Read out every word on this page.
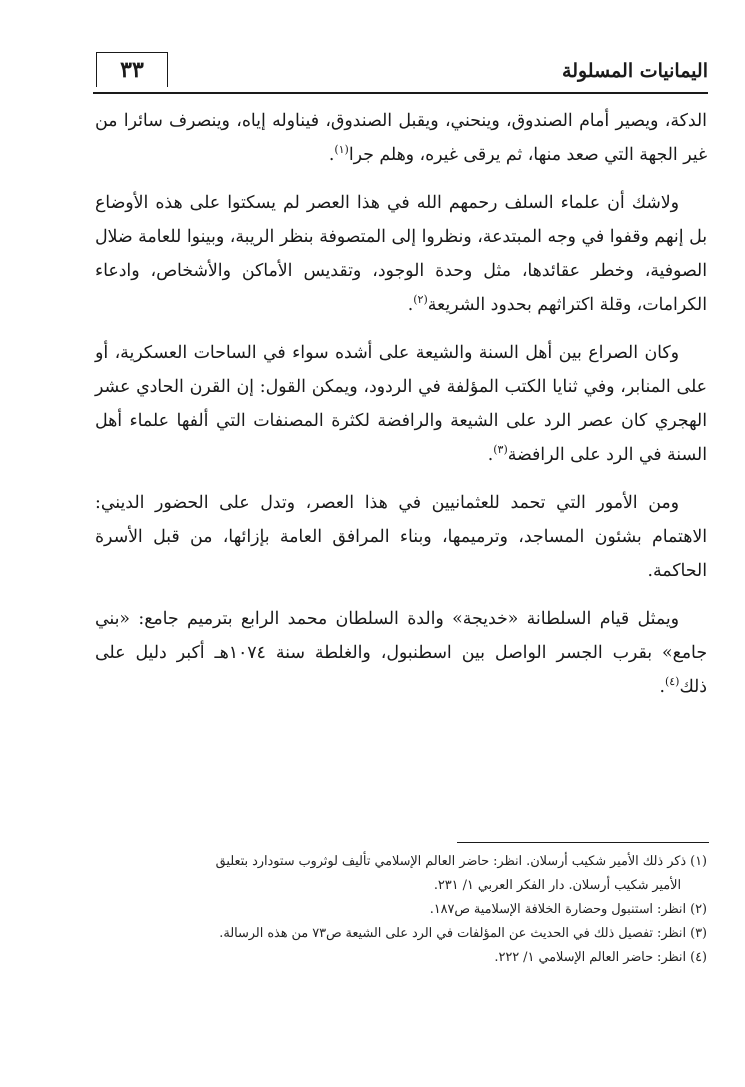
اليمانيات المسلولة
٣٣

الدكة، ويصير أمام الصندوق، وينحني، ويقبل الصندوق، فيناوله إياه، وينصرف سائرا من غير الجهة التي صعد منها، ثم يرقى غيره، وهلم جرا$^{(١)}$.

ولاشك أن علماء السلف رحمهم الله في هذا العصر لم يسكتوا على هذه الأوضاع بل إنهم وقفوا في وجه المبتدعة، ونظروا إلى المتصوفة بنظر الريبة، وبينوا للعامة ضلال الصوفية، وخطر عقائدها، مثل وحدة الوجود، وتقديس الأماكن والأشخاص، وادعاء الكرامات، وقلة اكتراثهم بحدود الشريعة$^{(٢)}$.

وكان الصراع بين أهل السنة والشيعة على أشده سواء في الساحات العسكرية، أو على المنابر، وفي ثنايا الكتب المؤلفة في الردود، ويمكن القول: إن القرن الحادي عشر الهجري كان عصر الرد على الشيعة والرافضة لكثرة المصنفات التي ألفها علماء أهل السنة في الرد على الرافضة$^{(٣)}$.

ومن الأمور التي تحمد للعثمانيين في هذا العصر، وتدل على الحضور الديني: الاهتمام بشئون المساجد، وترميمها، وبناء المرافق العامة بإزائها، من قبل الأسرة الحاكمة.

ويمثل قيام السلطانة «خديجة» والدة السلطان محمد الرابع بترميم جامع: «بني جامع» بقرب الجسر الواصل بين اسطنبول، والغلطة سنة ١٠٧٤هـ أكبر دليل على ذلك$^{(٤)}$.

(١) ذكر ذلك الأمير شكيب أرسلان. انظر: حاضر العالم الإسلامي تأليف لوثروب ستودارد بتعليق

الأمير شكيب أرسلان. دار الفكر العربي ١/ ٢٣١.

(٢) انظر: استنبول وحضارة الخلافة الإسلامية ص١٨٧.

(٣) انظر: تفصيل ذلك في الحديث عن المؤلفات في الرد على الشيعة ص٧٣ من هذه الرسالة.

(٤) انظر: حاضر العالم الإسلامي ١/ ٢٢٢.
